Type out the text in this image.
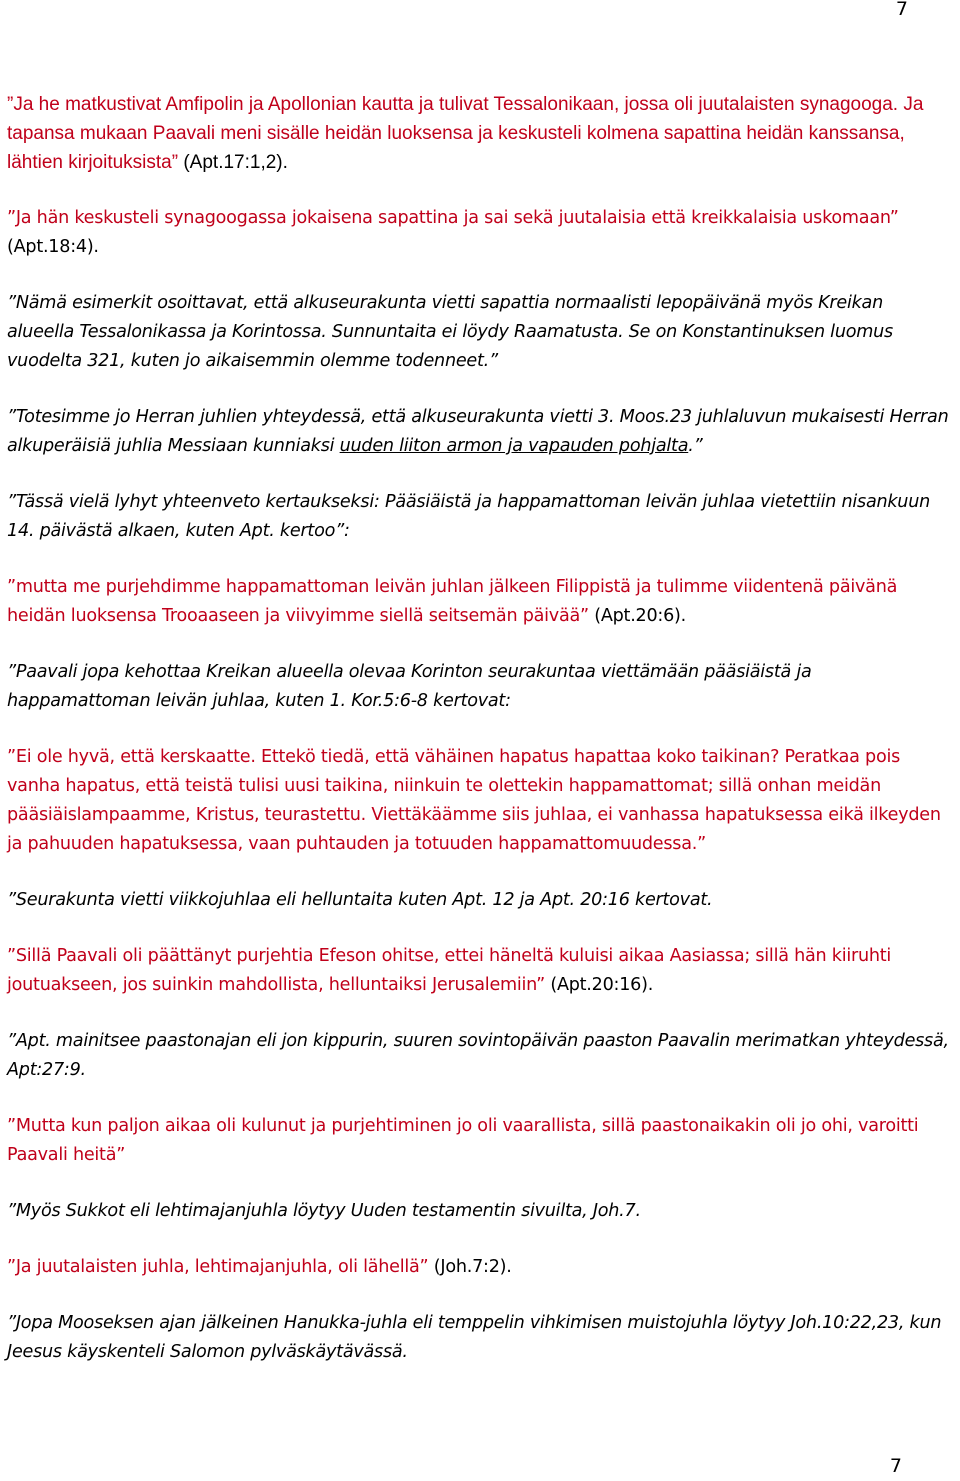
7

”Ja he matkustivat Amfipolin ja Apollonian kautta ja tulivat Tessalonikaan, jossa oli juutalaisten synagooga. Ja tapansa mukaan Paavali meni sisälle heidän luoksensa ja keskusteli kolmena sapattina heidän kanssansa, lähtien kirjoituksista” (Apt.17:1,2).

”Ja hän keskusteli synagoogassa jokaisena sapattina ja sai sekä juutalaisia että kreikkalaisia uskomaan” (Apt.18:4).

”Nämä esimerkit osoittavat, että alkuseurakunta vietti sapattia normaalisti lepopäivänä myös Kreikan alueella Tessalonikassa ja Korintossa. Sunnuntaita ei löydy Raamatusta. Se on Konstantinuksen luomus vuodelta 321, kuten jo aikaisemmin olemme todenneet.”

”Totesimme jo Herran juhlien yhteydessä, että alkuseurakunta vietti 3. Moos.23 juhlaluvun mukaisesti Herran alkuperäisiä juhlia Messiaan kunniaksi uuden liiton armon ja vapauden pohjalta.”

”Tässä vielä lyhyt yhteenveto kertaukseksi: Pääsiäistä ja happamattoman leivän juhlaa vietettiin nisankuun 14. päivästä alkaen, kuten Apt. kertoo”:

”mutta me purjehdimme happamattoman leivän juhlan jälkeen Filippistä ja tulimme viidentenä päivänä heidän luoksensa Trooaaseen ja viivyimme siellä seitsemän päivää” (Apt.20:6).

”Paavali jopa kehottaa Kreikan alueella olevaa Korinton seurakuntaa viettämään pääsiäistä ja happamattoman leivän juhlaa, kuten 1. Kor.5:6-8 kertovat:

”Ei ole hyvä, että kerskaatte. Ettekö tiedä, että vähäinen hapatus hapattaa koko taikinan? Peratkaa pois vanha hapatus, että teistä tulisi uusi taikina, niinkuin te olettekin happamattomat; sillä onhan meidän pääsiäislampaamme, Kristus, teurastettu. Viettäkäämme siis juhlaa, ei vanhassa hapatuksessa eikä ilkeyden ja pahuuden hapatuksessa, vaan puhtauden ja totuuden happamattomuudessa.”

”Seurakunta vietti viikkojuhlaa eli helluntaita kuten Apt. 12 ja Apt. 20:16 kertovat.

”Sillä Paavali oli päättänyt purjehtia Efeson ohitse, ettei häneltä kuluisi aikaa Aasiassa; sillä hän kiiruhti joutuakseen, jos suinkin mahdollista, helluntaiksi Jerusalemiin” (Apt.20:16).

”Apt. mainitsee paastonajan eli jon kippurin, suuren sovintopäivän paaston Paavalin merimatkan yhteydessä, Apt:27:9.

”Mutta kun paljon aikaa oli kulunut ja purjehtiminen jo oli vaarallista, sillä paastonaikakin oli jo ohi, varoitti Paavali heitä”

”Myös Sukkot eli lehtimajanjuhla löytyy Uuden testamentin sivuilta, Joh.7.

”Ja juutalaisten juhla, lehtimajanjuhla, oli lähellä” (Joh.7:2).

”Jopa Mooseksen ajan jälkeinen Hanukka-juhla eli temppelin vihkimisen muistojuhla löytyy Joh.10:22,23, kun Jeesus käyskenteli Salomon pylväskäytävässä.

7
